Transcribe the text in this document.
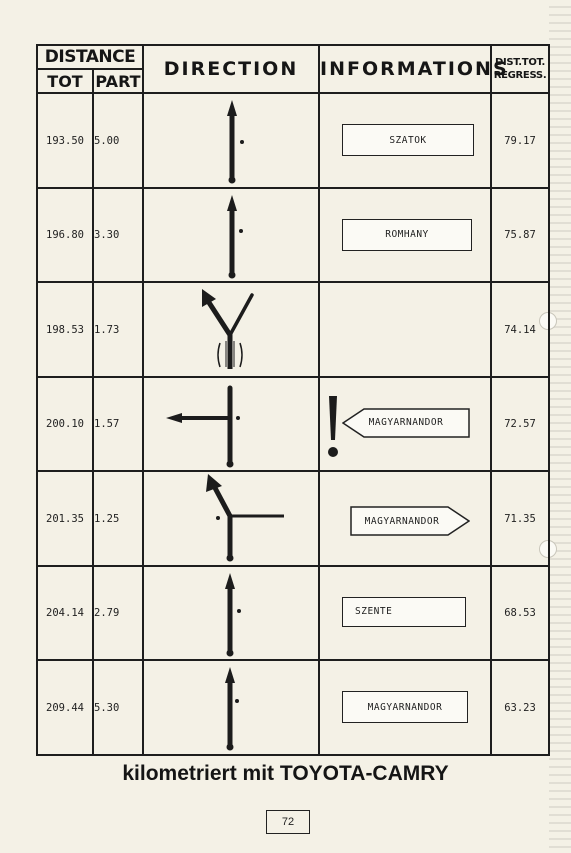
DISTANCE		DIRECTION	INFORMATIONS	DIST.TOT.
REGRESS.

TOT	PART			
193.50	5.00		SZATOK	79.17
196.80	3.30		ROMHANY	75.87
198.53	1.73			74.14
200.10	1.57		MAGYARNANDOR	72.57
201.35	1.25		MAGYARNANDOR	71.35
204.14	2.79		SZENTE	68.53
209.44	5.30		MAGYARNANDOR	63.23
kilometriert mit TOYOTA-CAMRY
72
